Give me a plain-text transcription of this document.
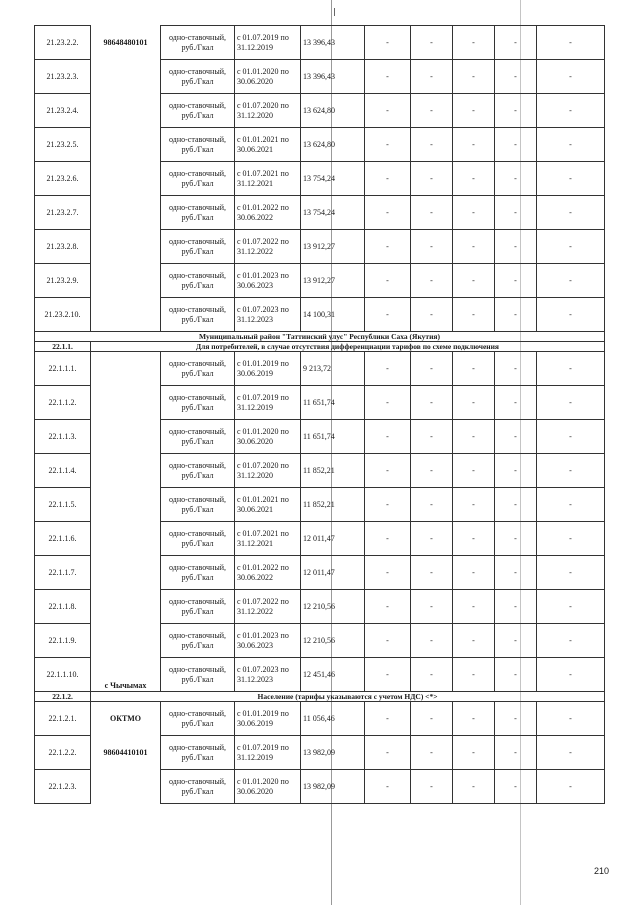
21.23.2.2.	98648480101	одно-ставочный, руб./Гкал	с 01.07.2019 по 31.12.2019	13 396,43	-	-	-	-	-
21.23.2.3.		одно-ставочный, руб./Гкал	с 01.01.2020 по 30.06.2020	13 396,43	-	-	-	-	-
21.23.2.4.		одно-ставочный, руб./Гкал	с 01.07.2020 по 31.12.2020	13 624,80	-	-	-	-	-
21.23.2.5.		одно-ставочный, руб./Гкал	с 01.01.2021 по 30.06.2021	13 624,80	-	-	-	-	-
21.23.2.6.		одно-ставочный, руб./Гкал	с 01.07.2021 по 31.12.2021	13 754,24	-	-	-	-	-
21.23.2.7.		одно-ставочный, руб./Гкал	с 01.01.2022 по 30.06.2022	13 754,24	-	-	-	-	-
21.23.2.8.		одно-ставочный, руб./Гкал	с 01.07.2022 по 31.12.2022	13 912,27	-	-	-	-	-
21.23.2.9.		одно-ставочный, руб./Гкал	с 01.01.2023 по 30.06.2023	13 912,27	-	-	-	-	-
21.23.2.10.		одно-ставочный, руб./Гкал	с 01.07.2023 по 31.12.2023	14 100,31	-	-	-	-	-
Муниципальный район "Таттинский улус" Республики Саха (Якутия)									
22.1.1.	Для потребителей, в случае отсутствия дифференциации тарифов по схеме подключения								
22.1.1.1.		одно-ставочный, руб./Гкал	с 01.01.2019 по 30.06.2019	9 213,72	-	-	-	-	-
22.1.1.2.		одно-ставочный, руб./Гкал	с 01.07.2019 по 31.12.2019	11 651,74	-	-	-	-	-
22.1.1.3.		одно-ставочный, руб./Гкал	с 01.01.2020 по 30.06.2020	11 651,74	-	-	-	-	-
22.1.1.4.		одно-ставочный, руб./Гкал	с 01.07.2020 по 31.12.2020	11 852,21	-	-	-	-	-
22.1.1.5.		одно-ставочный, руб./Гкал	с 01.01.2021 по 30.06.2021	11 852,21	-	-	-	-	-
22.1.1.6.		одно-ставочный, руб./Гкал	с 01.07.2021 по 31.12.2021	12 011,47	-	-	-	-	-
22.1.1.7.		одно-ставочный, руб./Гкал	с 01.01.2022 по 30.06.2022	12 011,47	-	-	-	-	-
22.1.1.8.		одно-ставочный, руб./Гкал	с 01.07.2022 по 31.12.2022	12 210,56	-	-	-	-	-
22.1.1.9.		одно-ставочный, руб./Гкал	с 01.01.2023 по 30.06.2023	12 210,56	-	-	-	-	-
22.1.1.10.	с Чычымах	одно-ставочный, руб./Гкал	с 01.07.2023 по 31.12.2023	12 451,46	-	-	-	-	-
22.1.2.	Население (тарифы указываются с учетом НДС) <*>								
22.1.2.1.	ОКТМО	одно-ставочный, руб./Гкал	с 01.01.2019 по 30.06.2019	11 056,46	-	-	-	-	-
22.1.2.2.	98604410101	одно-ставочный, руб./Гкал	с 01.07.2019 по 31.12.2019	13 982,09	-	-	-	-	-
22.1.2.3.		одно-ставочный, руб./Гкал	с 01.01.2020 по 30.06.2020	13 982,09	-	-	-	-	-
210
